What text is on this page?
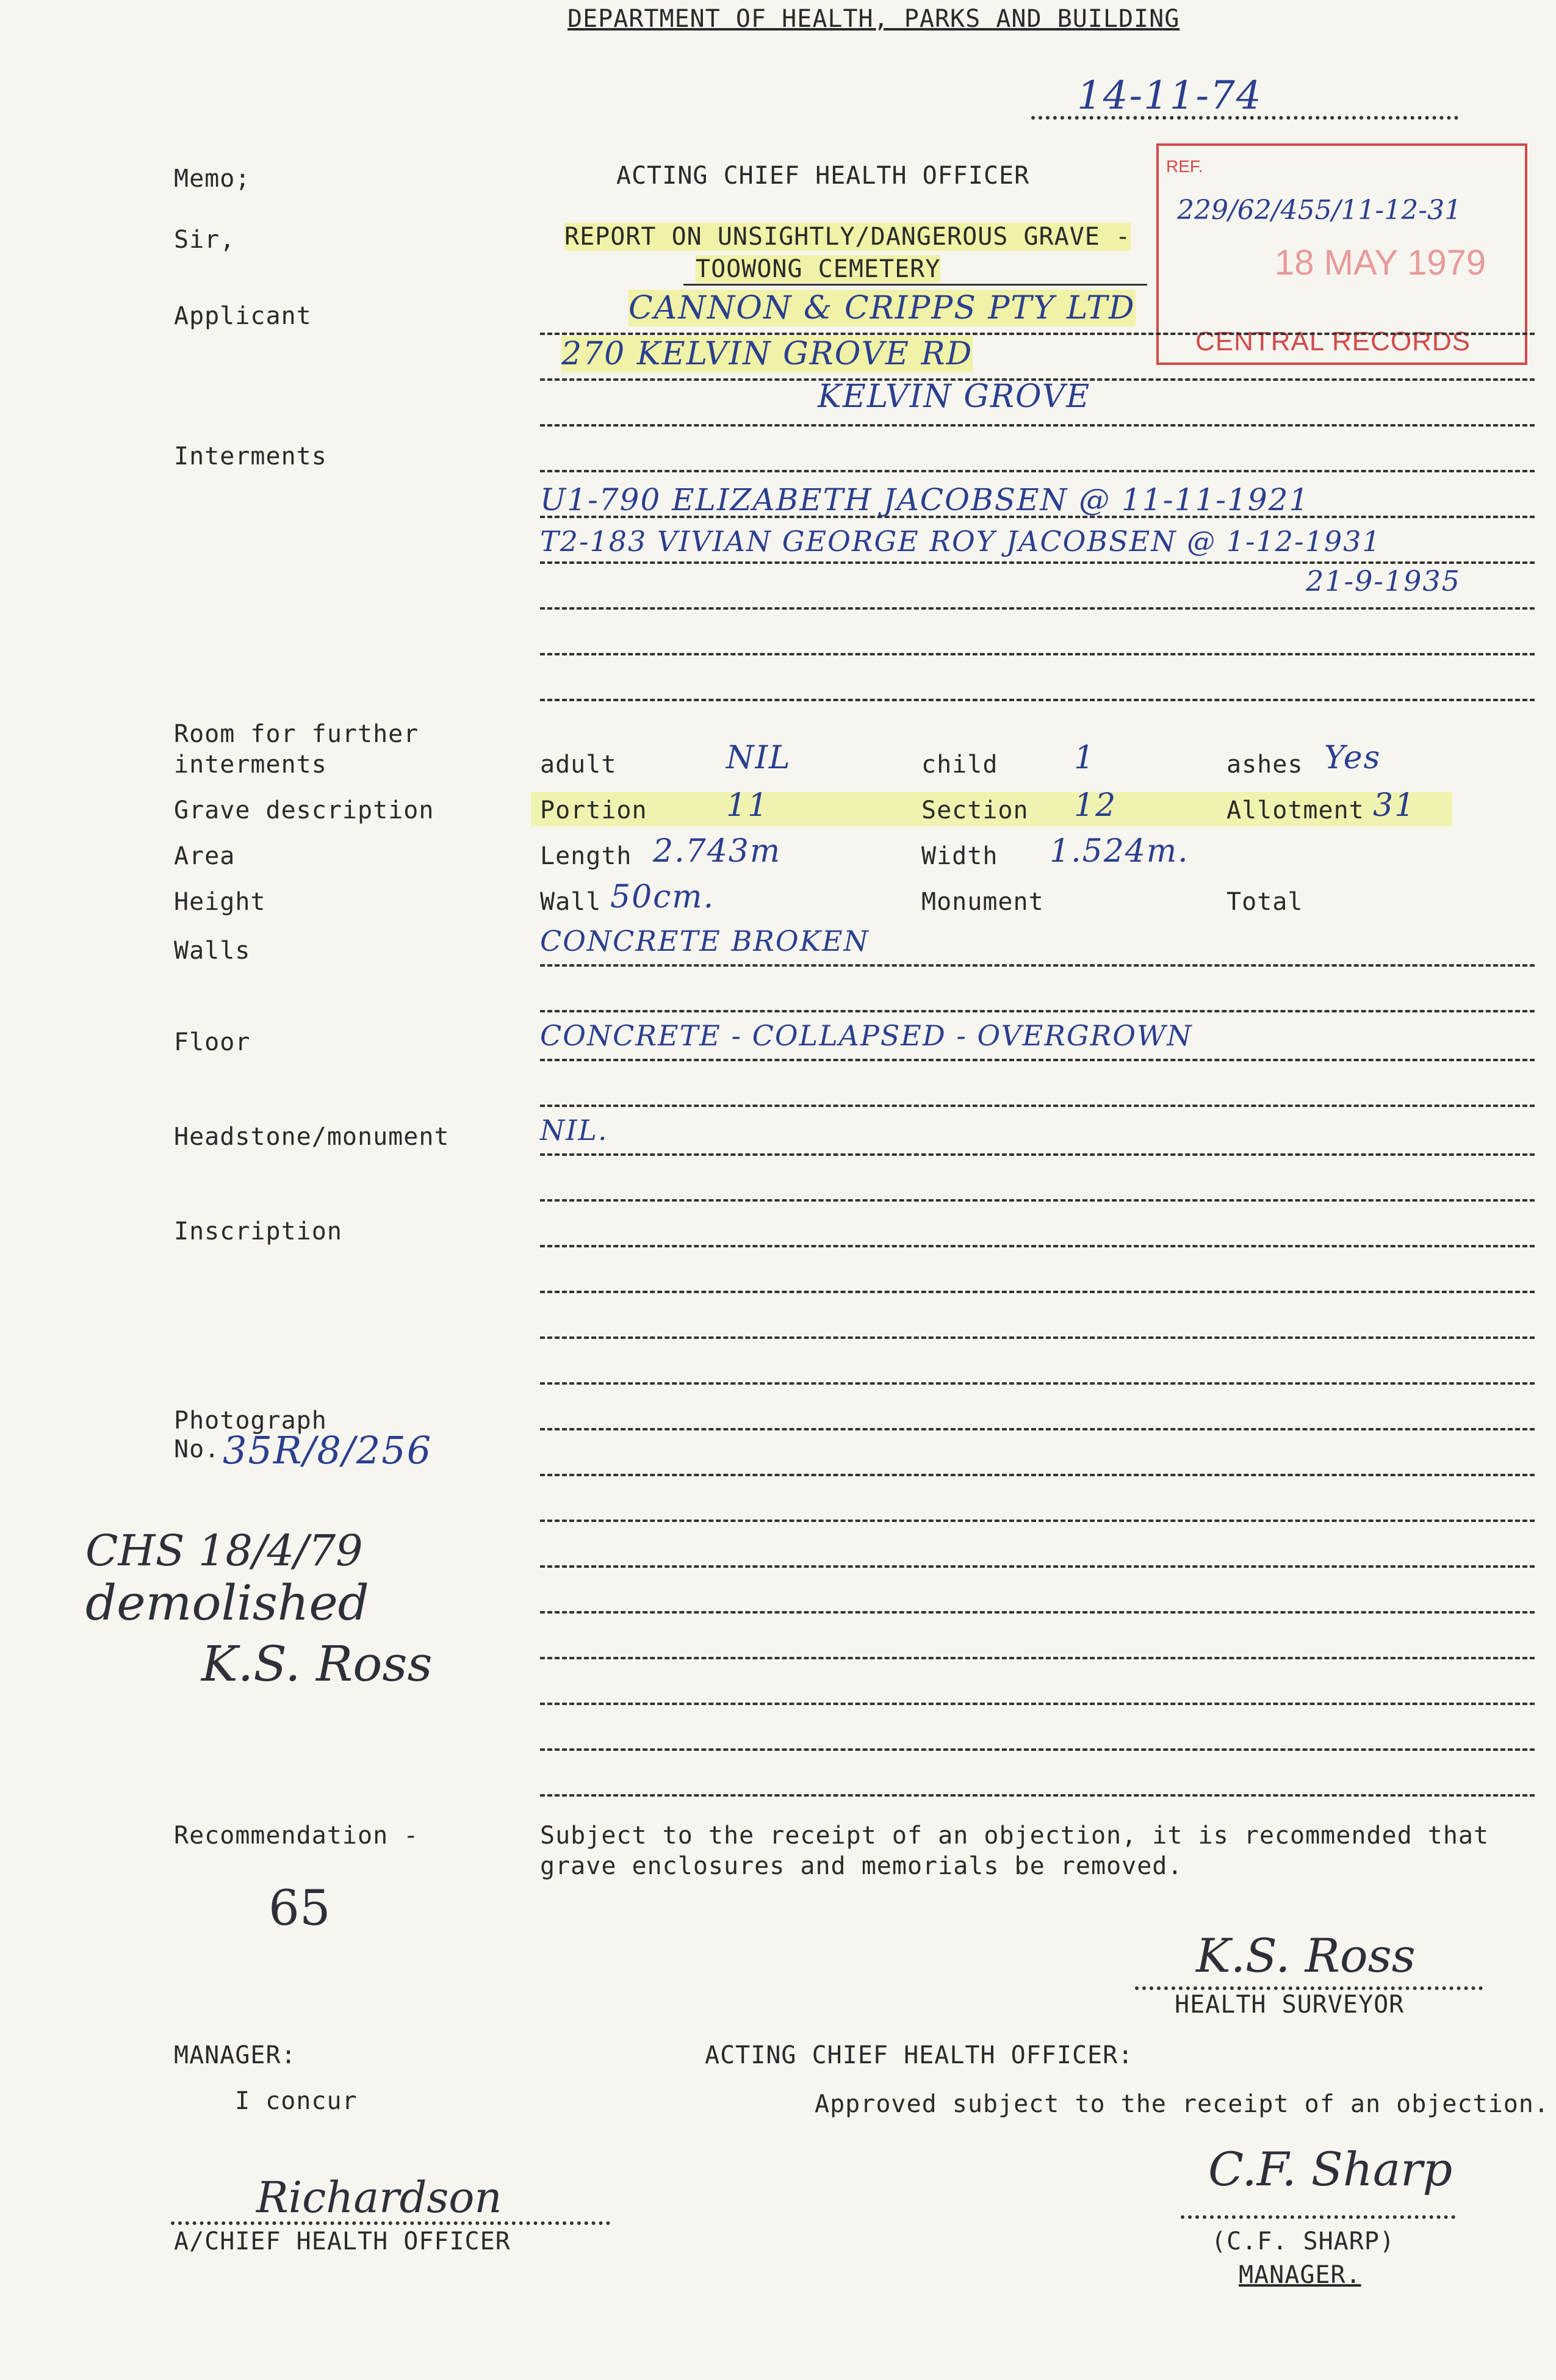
DEPARTMENT OF HEALTH, PARKS AND BUILDING
14-11-74
REF.
229/62/455/11-12-31
18 MAY 1979
CENTRAL RECORDS
Memo;	ACTING CHIEF HEALTH OFFICER
Sir,	REPORT ON UNSIGHTLY/DANGEROUS GRAVE -
TOOWONG CEMETERY
Applicant	CANNON & CRIPPS PTY LTD
270 KELVIN GROVE RD
KELVIN GROVE
Interments
U1-790 ELIZABETH JACOBSEN @ 11-11-1921
T2-183 VIVIAN GEORGE ROY JACOBSEN @ 1-12-1931
21-9-1935
Room for further
interments	adult	NIL	child 1	ashes Yes
Grave description	Portion 11	Section 12	Allotment 31
Area	Length 2.743m	Width 1.524m.
Height	Wall 50cm.	Monument	Total
Walls	CONCRETE BROKEN
Floor	CONCRETE - COLLAPSED - OVERGROWN
Headstone/monument	NIL.
Inscription
Photograph
No. 35R/8/256
CHS 18/4/79
demolished
K.S. Ross
Recommendation -	Subject to the receipt of an objection, it is recommended that
grave enclosures and memorials be removed.
65
K.S. Ross
HEALTH SURVEYOR
MANAGER:
I concur
Richardson
A/CHIEF HEALTH OFFICER
ACTING CHIEF HEALTH OFFICER:
Approved subject to the receipt of an objection.
C.F. Sharp
(C.F. SHARP)
MANAGER.
